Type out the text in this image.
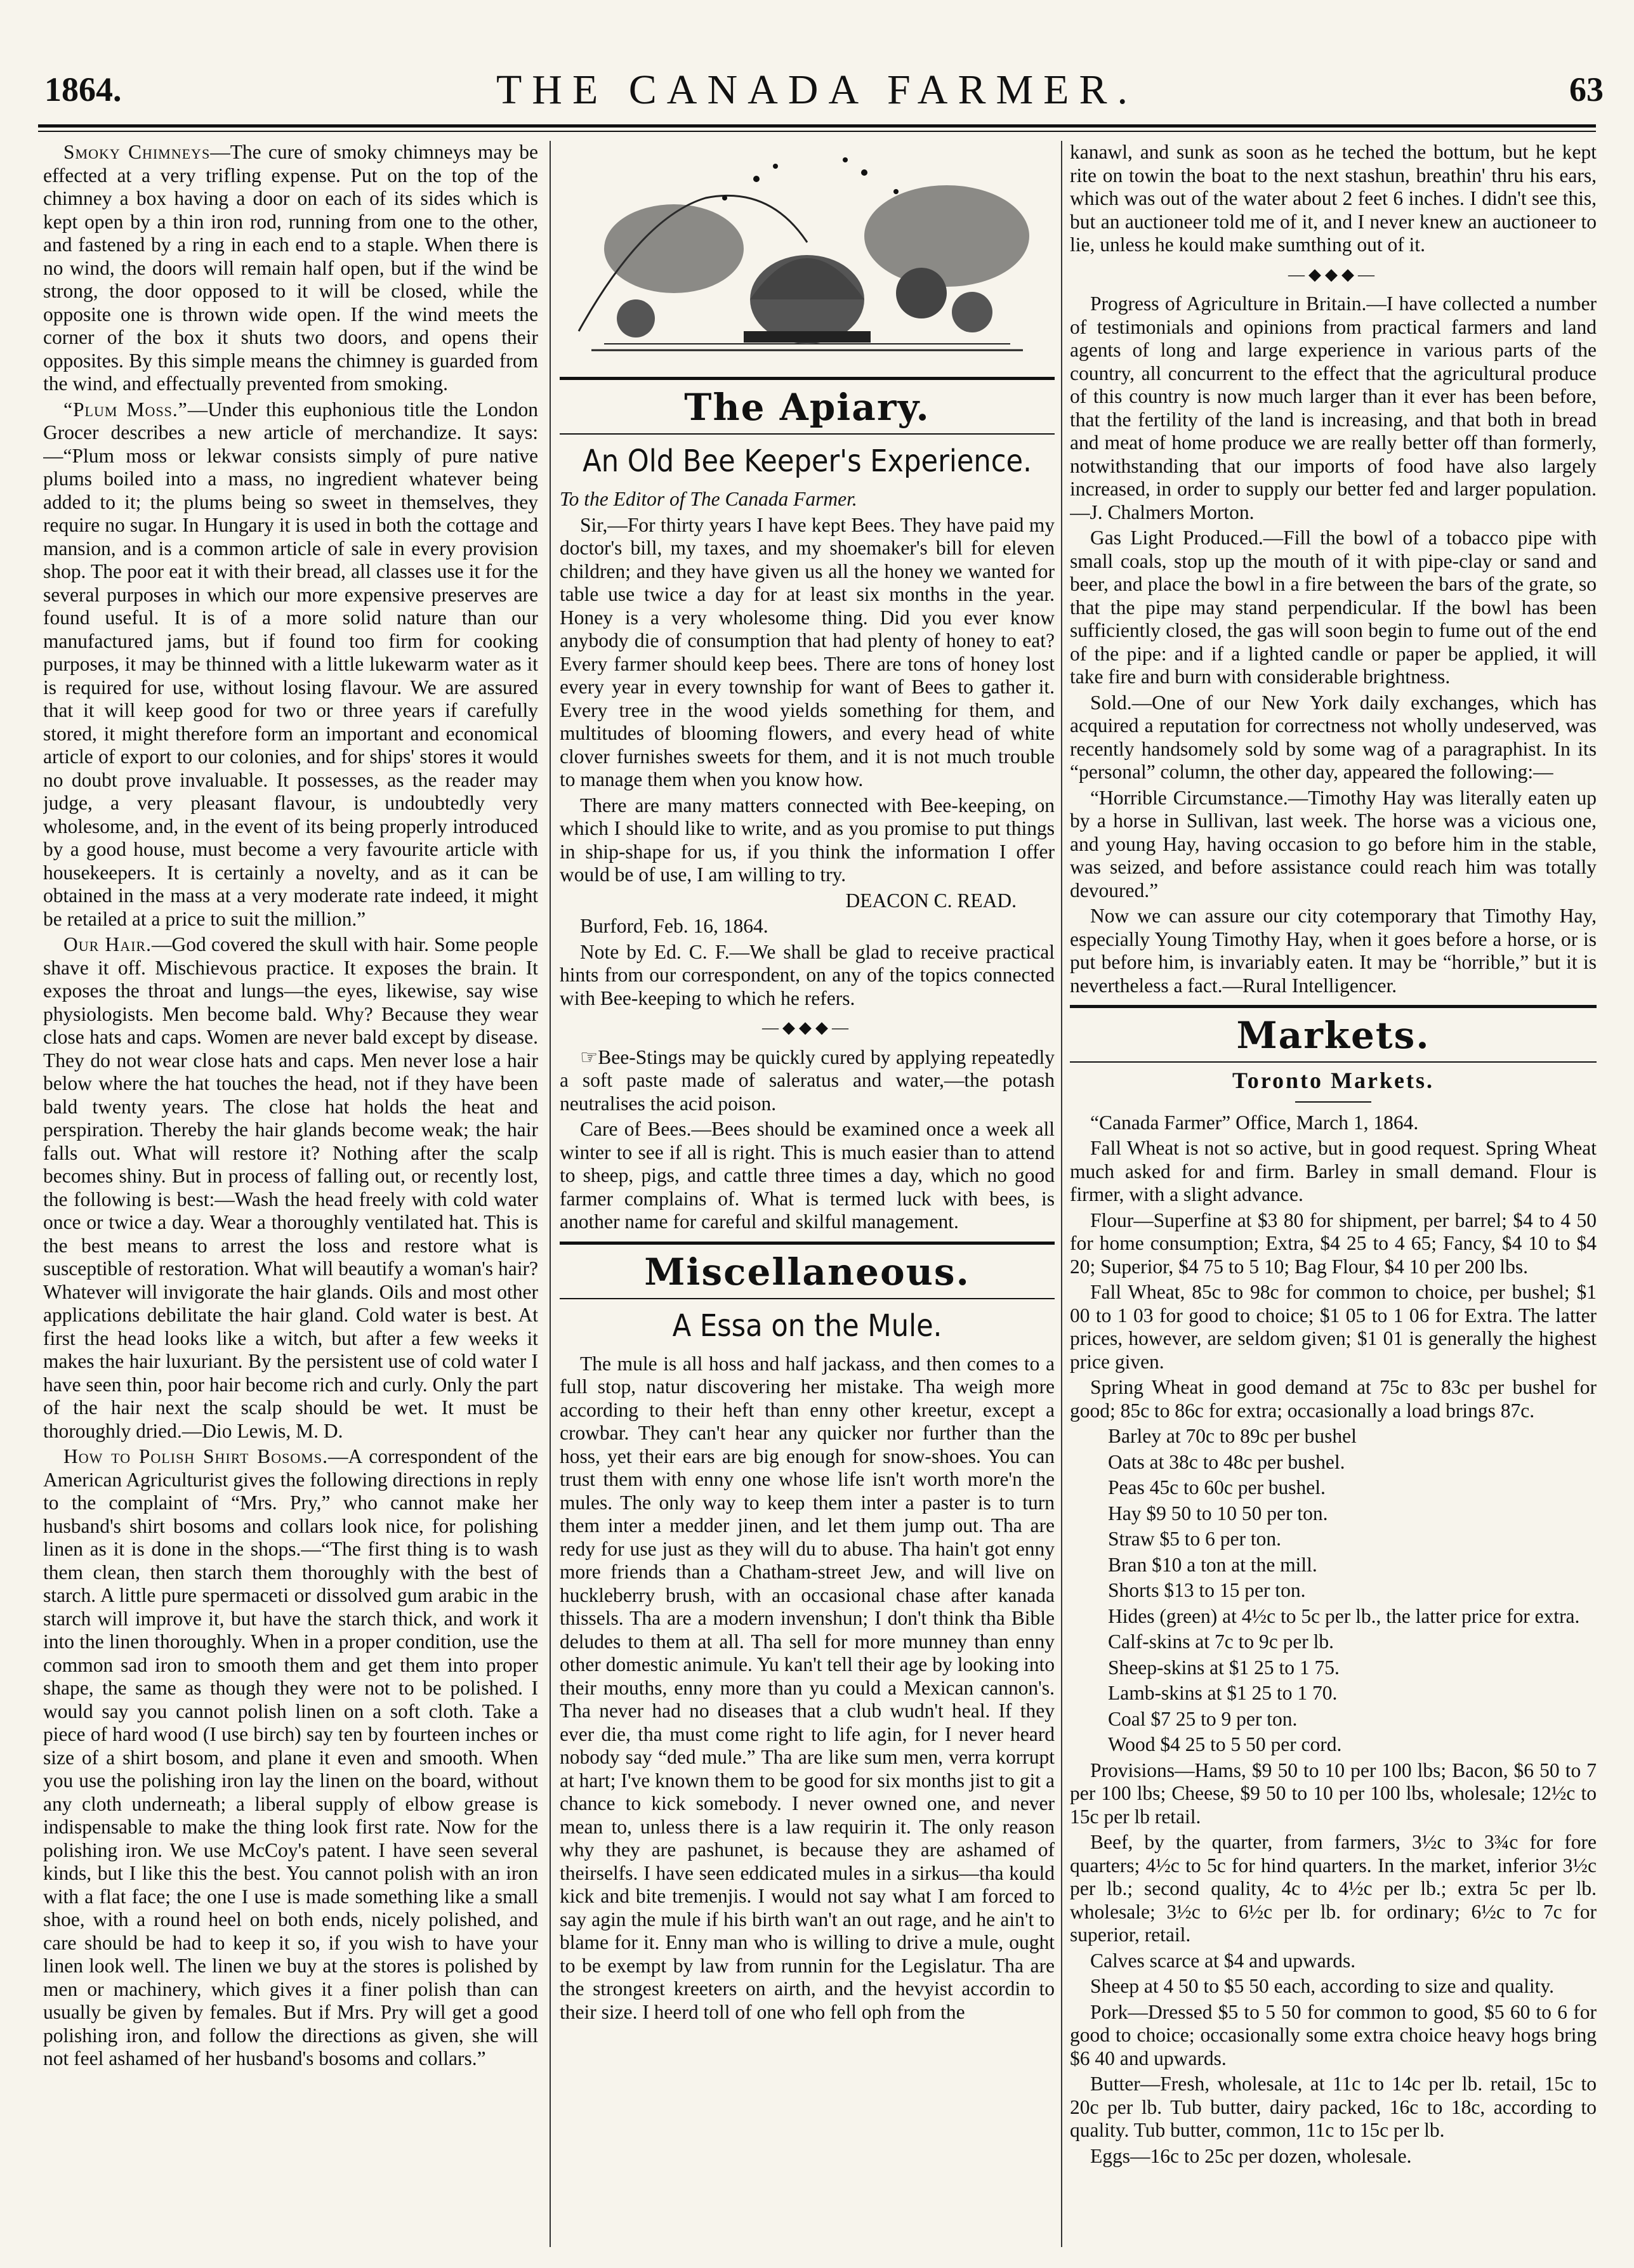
1864.	THE CANADA FARMER.	63

Smoky Chimneys—The cure of smoky chimneys may be effected at a very trifling expense. Put on the top of the chimney a box having a door on each of its sides which is kept open by a thin iron rod, running from one to the other, and fastened by a ring in each end to a staple. When there is no wind, the doors will remain half open, but if the wind be strong, the door opposed to it will be closed, while the opposite one is thrown wide open. If the wind meets the corner of the box it shuts two doors, and opens their opposites. By this simple means the chimney is guarded from the wind, and effectually prevented from smoking.

“Plum Moss.”—Under this euphonious title the London Grocer describes a new article of merchandize. It says:—“Plum moss or lekwar consists simply of pure native plums boiled into a mass, no ingredient whatever being added to it; the plums being so sweet in themselves, they require no sugar. In Hungary it is used in both the cottage and mansion, and is a common article of sale in every provision shop. The poor eat it with their bread, all classes use it for the several purposes in which our more expensive preserves are found useful. It is of a more solid nature than our manufactured jams, but if found too firm for cooking purposes, it may be thinned with a little lukewarm water as it is required for use, without losing flavour. We are assured that it will keep good for two or three years if carefully stored, it might therefore form an important and economical article of export to our colonies, and for ships' stores it would no doubt prove invaluable. It possesses, as the reader may judge, a very pleasant flavour, is undoubtedly very wholesome, and, in the event of its being properly introduced by a good house, must become a very favourite article with housekeepers. It is certainly a novelty, and as it can be obtained in the mass at a very moderate rate indeed, it might be retailed at a price to suit the million.”

Our Hair.—God covered the skull with hair. Some people shave it off. Mischievous practice. It exposes the brain. It exposes the throat and lungs—the eyes, likewise, say wise physiologists. Men become bald. Why? Because they wear close hats and caps. Women are never bald except by disease. They do not wear close hats and caps. Men never lose a hair below where the hat touches the head, not if they have been bald twenty years. The close hat holds the heat and perspiration. Thereby the hair glands become weak; the hair falls out. What will restore it? Nothing after the scalp becomes shiny. But in process of falling out, or recently lost, the following is best:—Wash the head freely with cold water once or twice a day. Wear a thoroughly ventilated hat. This is the best means to arrest the loss and restore what is susceptible of restoration. What will beautify a woman's hair? Whatever will invigorate the hair glands. Oils and most other applications debilitate the hair gland. Cold water is best. At first the head looks like a witch, but after a few weeks it makes the hair luxuriant. By the persistent use of cold water I have seen thin, poor hair become rich and curly. Only the part of the hair next the scalp should be wet. It must be thoroughly dried.—Dio Lewis, M. D.

How to Polish Shirt Bosoms.—A correspondent of the American Agriculturist gives the following directions in reply to the complaint of “Mrs. Pry,” who cannot make her husband's shirt bosoms and collars look nice, for polishing linen as it is done in the shops.—“The first thing is to wash them clean, then starch them thoroughly with the best of starch. A little pure spermaceti or dissolved gum arabic in the starch will improve it, but have the starch thick, and work it into the linen thoroughly. When in a proper condition, use the common sad iron to smooth them and get them into proper shape, the same as though they were not to be polished. I would say you cannot polish linen on a soft cloth. Take a piece of hard wood (I use birch) say ten by fourteen inches or size of a shirt bosom, and plane it even and smooth. When you use the polishing iron lay the linen on the board, without any cloth underneath; a liberal supply of elbow grease is indispensable to make the thing look first rate. Now for the polishing iron. We use McCoy's patent. I have seen several kinds, but I like this the best. You cannot polish with an iron with a flat face; the one I use is made something like a small shoe, with a round heel on both ends, nicely polished, and care should be had to keep it so, if you wish to have your linen look well. The linen we buy at the stores is polished by men or machinery, which gives it a finer polish than can usually be given by females. But if Mrs. Pry will get a good polishing iron, and follow the directions as given, she will not feel ashamed of her husband's bosoms and collars.”

The Apiary.
An Old Bee Keeper's Experience.

To the Editor of The Canada Farmer.

Sir,—For thirty years I have kept Bees. They have paid my doctor's bill, my taxes, and my shoemaker's bill for eleven children; and they have given us all the honey we wanted for table use twice a day for at least six months in the year. Honey is a very wholesome thing. Did you ever know anybody die of consumption that had plenty of honey to eat? Every farmer should keep bees. There are tons of honey lost every year in every township for want of Bees to gather it. Every tree in the wood yields something for them, and multitudes of blooming flowers, and every head of white clover furnishes sweets for them, and it is not much trouble to manage them when you know how.

There are many matters connected with Bee-keeping, on which I should like to write, and as you promise to put things in ship-shape for us, if you think the information I offer would be of use, I am willing to try.

DEACON C. READ.

Burford, Feb. 16, 1864.

Note by Ed. C. F.—We shall be glad to receive practical hints from our correspondent, on any of the topics connected with Bee-keeping to which he refers.

—◆◆◆—

☞Bee-Stings may be quickly cured by applying repeatedly a soft paste made of saleratus and water,—the potash neutralises the acid poison.

Care of Bees.—Bees should be examined once a week all winter to see if all is right. This is much easier than to attend to sheep, pigs, and cattle three times a day, which no good farmer complains of. What is termed luck with bees, is another name for careful and skilful management.

Miscellaneous.
A Essa on the Mule.

The mule is all hoss and half jackass, and then comes to a full stop, natur discovering her mistake. Tha weigh more according to their heft than enny other kreetur, except a crowbar. They can't hear any quicker nor further than the hoss, yet their ears are big enough for snow-shoes. You can trust them with enny one whose life isn't worth more'n the mules. The only way to keep them inter a paster is to turn them inter a medder jinen, and let them jump out. Tha are redy for use just as they will du to abuse. Tha hain't got enny more friends than a Chatham-street Jew, and will live on huckleberry brush, with an occasional chase after kanada thissels. Tha are a modern invenshun; I don't think tha Bible deludes to them at all. Tha sell for more munney than enny other domestic animule. Yu kan't tell their age by looking into their mouths, enny more than yu could a Mexican cannon's. Tha never had no diseases that a club wudn't heal. If they ever die, tha must come right to life agin, for I never heard nobody say “ded mule.” Tha are like sum men, verra korrupt at hart; I've known them to be good for six months jist to git a chance to kick somebody. I never owned one, and never mean to, unless there is a law requirin it. The only reason why they are pashunet, is because they are ashamed of theirselfs. I have seen eddicated mules in a sirkus—tha kould kick and bite tremenjis. I would not say what I am forced to say agin the mule if his birth wan't an out rage, and he ain't to blame for it. Enny man who is willing to drive a mule, ought to be exempt by law from runnin for the Legislatur. Tha are the strongest kreeters on airth, and the hevyist accordin to their size. I heerd toll of one who fell oph from the

kanawl, and sunk as soon as he teched the bottum, but he kept rite on towin the boat to the next stashun, breathin' thru his ears, which was out of the water about 2 feet 6 inches. I didn't see this, but an auctioneer told me of it, and I never knew an auctioneer to lie, unless he kould make sumthing out of it.

—◆◆◆—

Progress of Agriculture in Britain.—I have collected a number of testimonials and opinions from practical farmers and land agents of long and large experience in various parts of the country, all concurrent to the effect that the agricultural produce of this country is now much larger than it ever has been before, that the fertility of the land is increasing, and that both in bread and meat of home produce we are really better off than formerly, notwithstanding that our imports of food have also largely increased, in order to supply our better fed and larger population.—J. Chalmers Morton.

Gas Light Produced.—Fill the bowl of a tobacco pipe with small coals, stop up the mouth of it with pipe-clay or sand and beer, and place the bowl in a fire between the bars of the grate, so that the pipe may stand perpendicular. If the bowl has been sufficiently closed, the gas will soon begin to fume out of the end of the pipe: and if a lighted candle or paper be applied, it will take fire and burn with considerable brightness.

Sold.—One of our New York daily exchanges, which has acquired a reputation for correctness not wholly undeserved, was recently handsomely sold by some wag of a paragraphist. In its “personal” column, the other day, appeared the following:—

“Horrible Circumstance.—Timothy Hay was literally eaten up by a horse in Sullivan, last week. The horse was a vicious one, and young Hay, having occasion to go before him in the stable, was seized, and before assistance could reach him was totally devoured.”

Now we can assure our city cotemporary that Timothy Hay, especially Young Timothy Hay, when it goes before a horse, or is put before him, is invariably eaten. It may be “horrible,” but it is nevertheless a fact.—Rural Intelligencer.

Markets.
Toronto Markets.

“Canada Farmer” Office, March 1, 1864.

Fall Wheat is not so active, but in good request. Spring Wheat much asked for and firm. Barley in small demand. Flour is firmer, with a slight advance.

Flour—Superfine at $3 80 for shipment, per barrel; $4 to 4 50 for home consumption; Extra, $4 25 to 4 65; Fancy, $4 10 to $4 20; Superior, $4 75 to 5 10; Bag Flour, $4 10 per 200 lbs.

Fall Wheat, 85c to 98c for common to choice, per bushel; $1 00 to 1 03 for good to choice; $1 05 to 1 06 for Extra. The latter prices, however, are seldom given; $1 01 is generally the highest price given.

Spring Wheat in good demand at 75c to 83c per bushel for good; 85c to 86c for extra; occasionally a load brings 87c.

Barley at 70c to 89c per bushel

Oats at 38c to 48c per bushel.

Peas 45c to 60c per bushel.

Hay $9 50 to 10 50 per ton.

Straw $5 to 6 per ton.

Bran $10 a ton at the mill.

Shorts $13 to 15 per ton.

Hides (green) at 4½c to 5c per lb., the latter price for extra.

Calf-skins at 7c to 9c per lb.

Sheep-skins at $1 25 to 1 75.

Lamb-skins at $1 25 to 1 70.

Coal $7 25 to 9 per ton.

Wood $4 25 to 5 50 per cord.

Provisions—Hams, $9 50 to 10 per 100 lbs; Bacon, $6 50 to 7 per 100 lbs; Cheese, $9 50 to 10 per 100 lbs, wholesale; 12½c to 15c per lb retail.

Beef, by the quarter, from farmers, 3½c to 3¾c for fore quarters; 4½c to 5c for hind quarters. In the market, inferior 3½c per lb.; second quality, 4c to 4½c per lb.; extra 5c per lb. wholesale; 3½c to 6½c per lb. for ordinary; 6½c to 7c for superior, retail.

Calves scarce at $4 and upwards.

Sheep at 4 50 to $5 50 each, according to size and quality.

Pork—Dressed $5 to 5 50 for common to good, $5 60 to 6 for good to choice; occasionally some extra choice heavy hogs bring $6 40 and upwards.

Butter—Fresh, wholesale, at 11c to 14c per lb. retail, 15c to 20c per lb. Tub butter, dairy packed, 16c to 18c, according to quality. Tub butter, common, 11c to 15c per lb.

Eggs—16c to 25c per dozen, wholesale.
